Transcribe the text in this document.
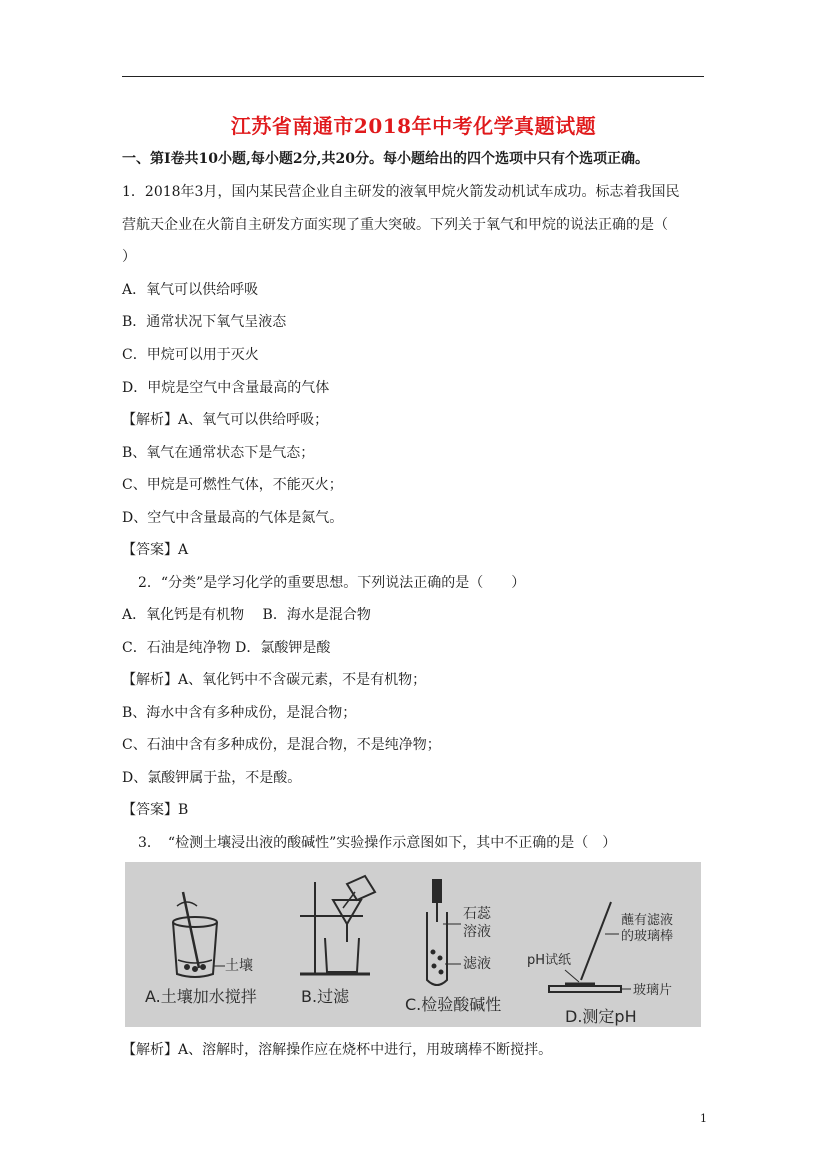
江苏省南通市2018年中考化学真题试题
一、第Ⅰ卷共10小题,每小题2分,共20分。每小题给出的四个选项中只有个选项正确。
1．2018年3月，国内某民营企业自主研发的液氧甲烷火箭发动机试车成功。标志着我国民
营航天企业在火箭自主研发方面实现了重大突破。下列关于氧气和甲烷的说法正确的是（
）
A．氧气可以供给呼吸
B．通常状况下氧气呈液态
C．甲烷可以用于灭火
D．甲烷是空气中含量最高的气体
【解析】A、氧气可以供给呼吸；
B、氧气在通常状态下是气态；
C、甲烷是可燃性气体，不能灭火；
D、空气中含量最高的气体是氮气。
【答案】A
2．“分类”是学习化学的重要思想。下列说法正确的是（　　）
A．氧化钙是有机物　 B．海水是混合物
C．石油是纯净物 D．氯酸钾是酸
【解析】A、氧化钙中不含碳元素，不是有机物；
B、海水中含有多种成份，是混合物；
C、石油中含有多种成份，是混合物，不是纯净物；
D、氯酸钾属于盐，不是酸。
【答案】B
3．　“检测土壤浸出液的酸碱性”实验操作示意图如下，其中不正确的是（　）
土壤
A.土壤加水搅拌	B.过滤
石蕊
溶液
滤液
C.检验酸碱性
pH试纸
蘸有滤液
的玻璃棒
玻璃片
D.测定pH
【解析】A、溶解时，溶解操作应在烧杯中进行，用玻璃棒不断搅拌。
1
